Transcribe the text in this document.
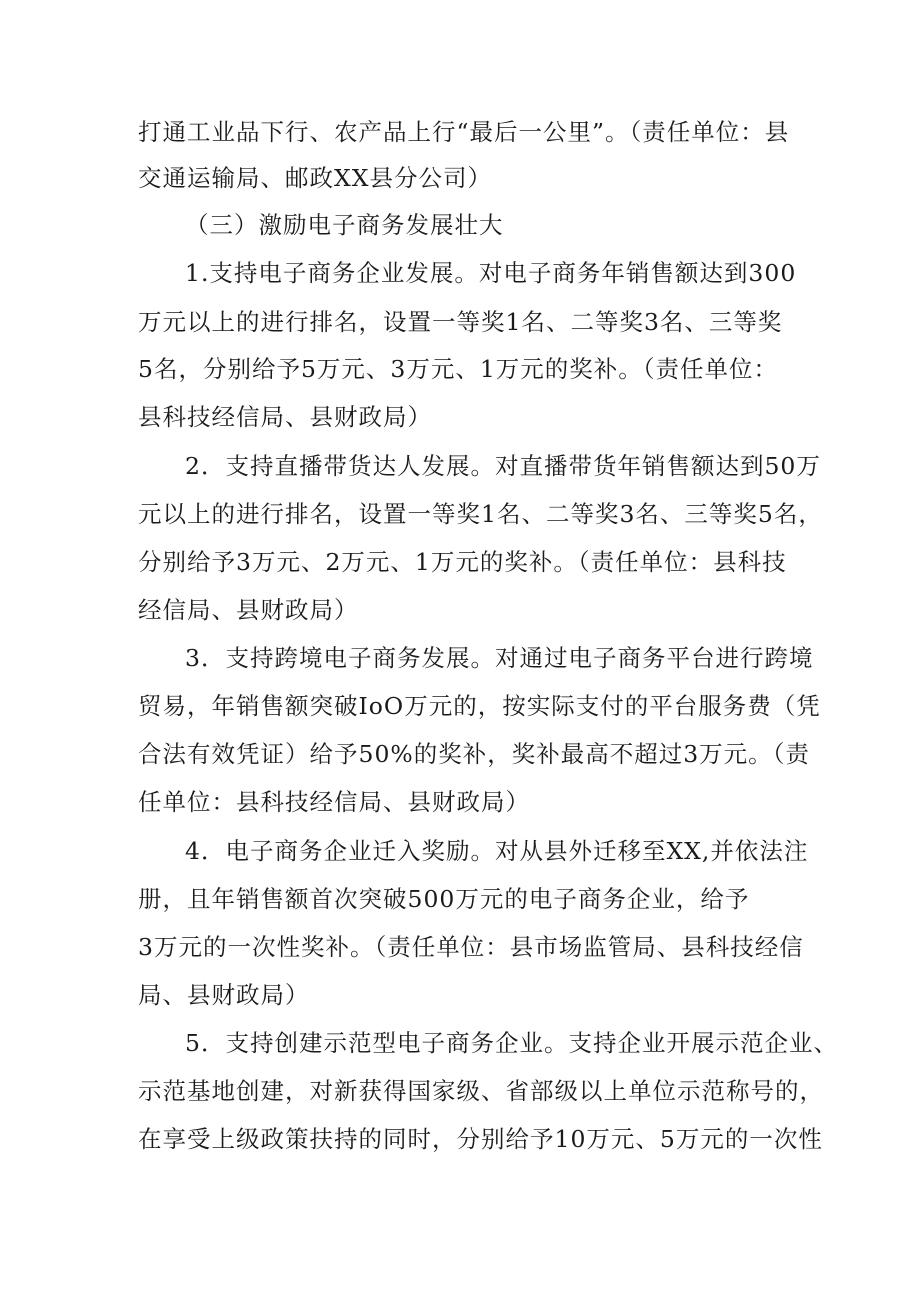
打通工业品下行、农产品上行“最后一公里”。（责任单位：县
交通运输局、邮政XX县分公司）
（三）激励电子商务发展壮大
1.支持电子商务企业发展。对电子商务年销售额达到300
万元以上的进行排名，设置一等奖1名、二等奖3名、三等奖
5名，分别给予5万元、3万元、1万元的奖补。（责任单位：
县科技经信局、县财政局）
2．支持直播带货达人发展。对直播带货年销售额达到50万
元以上的进行排名，设置一等奖1名、二等奖3名、三等奖5名，
分别给予3万元、2万元、1万元的奖补。（责任单位：县科技
经信局、县财政局）
3．支持跨境电子商务发展。对通过电子商务平台进行跨境
贸易，年销售额突破IoO万元的，按实际支付的平台服务费（凭
合法有效凭证）给予50%的奖补，奖补最高不超过3万元。（责
任单位：县科技经信局、县财政局）
4．电子商务企业迁入奖励。对从县外迁移至XX,并依法注
册，且年销售额首次突破500万元的电子商务企业，给予
3万元的一次性奖补。（责任单位：县市场监管局、县科技经信
局、县财政局）
5．支持创建示范型电子商务企业。支持企业开展示范企业、
示范基地创建，对新获得国家级、省部级以上单位示范称号的，
在享受上级政策扶持的同时，分别给予10万元、5万元的一次性
